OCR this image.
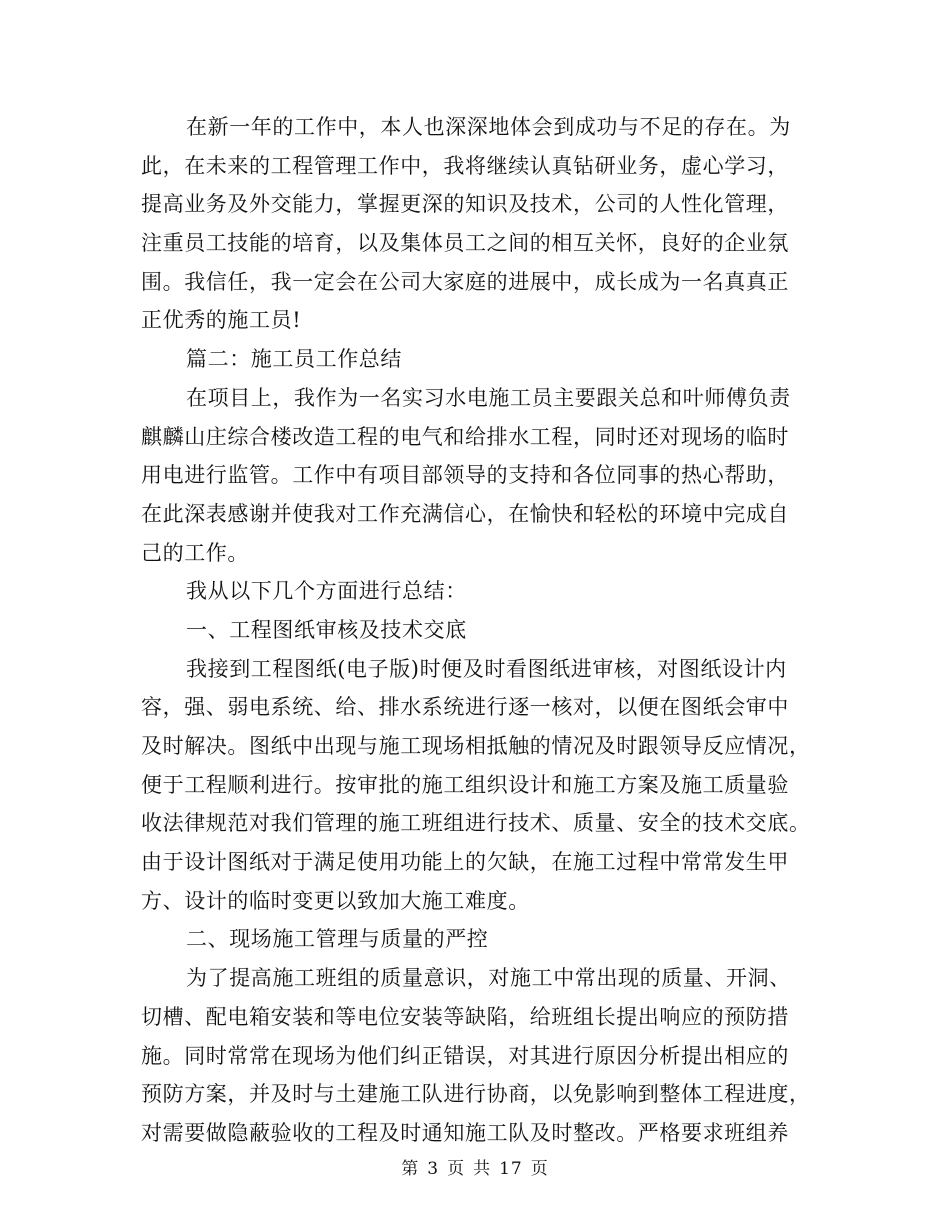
在新一年的工作中，本人也深深地体会到成功与不足的存在。为
此，在未来的工程管理工作中，我将继续认真钻研业务，虚心学习，
提高业务及外交能力，掌握更深的知识及技术，公司的人性化管理，
注重员工技能的培育，以及集体员工之间的相互关怀，良好的企业氛
围。我信任，我一定会在公司大家庭的进展中，成长成为一名真真正
正优秀的施工员!
篇二：施工员工作总结
在项目上，我作为一名实习水电施工员主要跟关总和叶师傅负责
麒麟山庄综合楼改造工程的电气和给排水工程，同时还对现场的临时
用电进行监管。工作中有项目部领导的支持和各位同事的热心帮助，
在此深表感谢并使我对工作充满信心，在愉快和轻松的环境中完成自
己的工作。
我从以下几个方面进行总结：
一、工程图纸审核及技术交底
我接到工程图纸(电子版)时便及时看图纸进审核，对图纸设计内
容，强、弱电系统、给、排水系统进行逐一核对，以便在图纸会审中
及时解决。图纸中出现与施工现场相抵触的情况及时跟领导反应情况，
便于工程顺利进行。按审批的施工组织设计和施工方案及施工质量验
收法律规范对我们管理的施工班组进行技术、质量、安全的技术交底。
由于设计图纸对于满足使用功能上的欠缺，在施工过程中常常发生甲
方、设计的临时变更以致加大施工难度。
二、现场施工管理与质量的严控
为了提高施工班组的质量意识，对施工中常出现的质量、开洞、
切槽、配电箱安装和等电位安装等缺陷，给班组长提出响应的预防措
施。同时常常在现场为他们纠正错误，对其进行原因分析提出相应的
预防方案，并及时与土建施工队进行协商，以免影响到整体工程进度，
对需要做隐蔽验收的工程及时通知施工队及时整改。严格要求班组养
第 3 页 共 17 页
